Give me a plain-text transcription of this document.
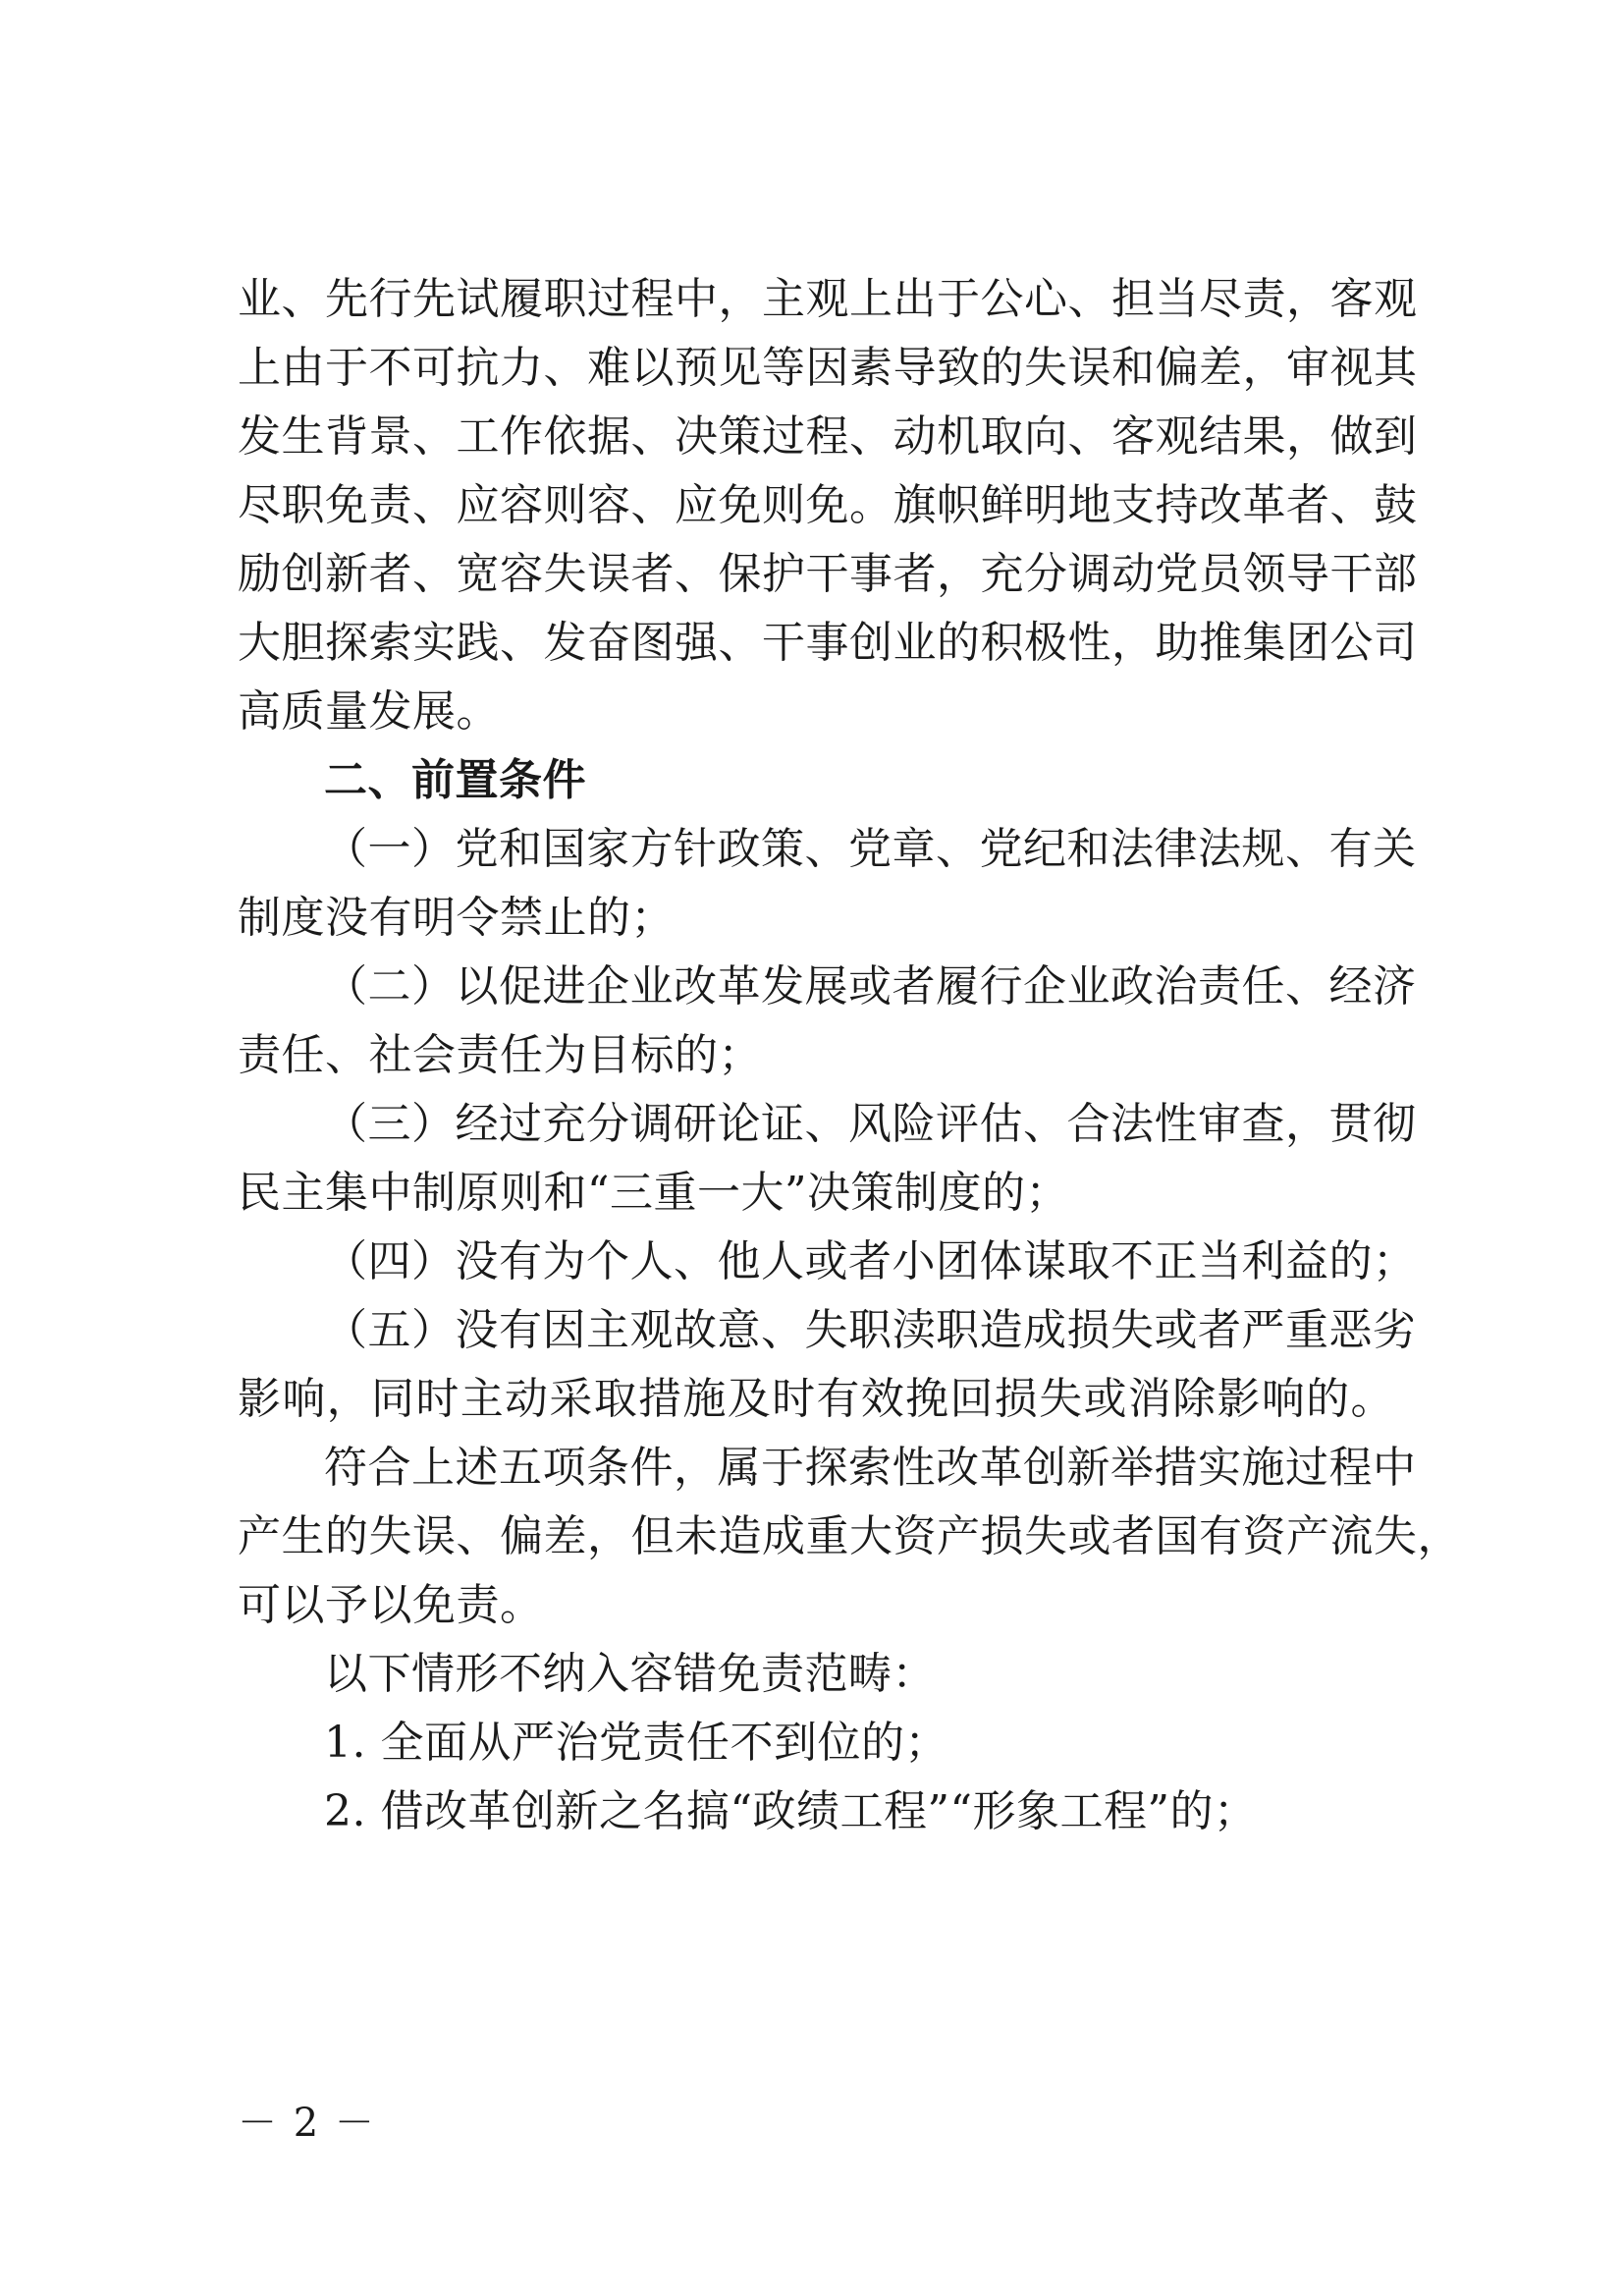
业、先行先试履职过程中，主观上出于公心、担当尽责，客观
上由于不可抗力、难以预见等因素导致的失误和偏差，审视其
发生背景、工作依据、决策过程、动机取向、客观结果，做到
尽职免责、应容则容、应免则免。旗帜鲜明地支持改革者、鼓
励创新者、宽容失误者、保护干事者，充分调动党员领导干部
大胆探索实践、发奋图强、干事创业的积极性，助推集团公司
高质量发展。
二、前置条件
（一）党和国家方针政策、党章、党纪和法律法规、有关
制度没有明令禁止的；
（二）以促进企业改革发展或者履行企业政治责任、经济
责任、社会责任为目标的；
（三）经过充分调研论证、风险评估、合法性审查，贯彻
民主集中制原则和“三重一大”决策制度的；
（四）没有为个人、他人或者小团体谋取不正当利益的；
（五）没有因主观故意、失职渎职造成损失或者严重恶劣
影响，同时主动采取措施及时有效挽回损失或消除影响的。
符合上述五项条件，属于探索性改革创新举措实施过程中
产生的失误、偏差，但未造成重大资产损失或者国有资产流失，
可以予以免责。
以下情形不纳入容错免责范畴：
1. 全面从严治党责任不到位的；
2. 借改革创新之名搞“政绩工程”“形象工程”的；
－ 2 －
